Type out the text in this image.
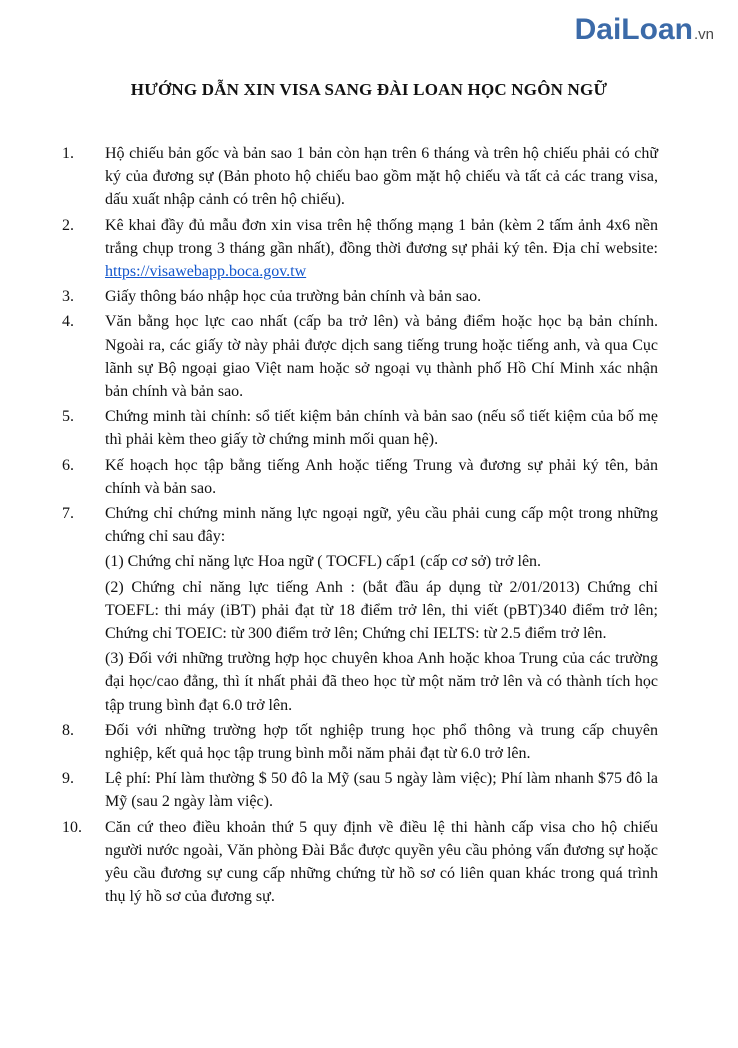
DaiLoan .vn
HƯỚNG DẪN XIN VISA SANG ĐÀI LOAN HỌC NGÔN NGỮ
1.	Hộ chiếu bản gốc và bản sao 1 bản còn hạn trên 6 tháng và trên hộ chiếu phải có chữ ký của đương sự (Bản photo hộ chiếu bao gồm mặt hộ chiếu và tất cả các trang visa, dấu xuất nhập cảnh có trên hộ chiếu).
2.	Kê khai đầy đủ mẫu đơn xin visa trên hệ thống mạng 1 bản (kèm 2 tấm ảnh 4x6 nền trắng chụp trong 3 tháng gần nhất), đồng thời đương sự phải ký tên. Địa chỉ website: https://visawebapp.boca.gov.tw
3.	Giấy thông báo nhập học của trường bản chính và bản sao.
4.	Văn bằng học lực cao nhất (cấp ba trở lên) và bảng điểm hoặc học bạ bản chính. Ngoài ra, các giấy tờ này phải được dịch sang tiếng trung hoặc tiếng anh, và qua Cục lãnh sự Bộ ngoại giao Việt nam hoặc sở ngoại vụ thành phố Hồ Chí Minh xác nhận bản chính và bản sao.
5.	Chứng minh tài chính: sổ tiết kiệm bản chính và bản sao (nếu sổ tiết kiệm của bố mẹ thì phải kèm theo giấy tờ chứng minh mối quan hệ).
6.	Kế hoạch học tập bằng tiếng Anh hoặc tiếng Trung và đương sự phải ký tên, bản chính và bản sao.
7.	Chứng chỉ chứng minh năng lực ngoại ngữ, yêu cầu phải cung cấp một trong những chứng chỉ sau đây:
(1) Chứng chỉ năng lực Hoa ngữ ( TOCFL) cấp1 (cấp cơ sở) trở lên.
(2) Chứng chỉ năng lực tiếng Anh : (bắt đầu áp dụng từ 2/01/2013) Chứng chỉ TOEFL: thi máy (iBT) phải đạt từ 18 điểm trở lên, thi viết (pBT)340 điểm trở lên; Chứng chỉ TOEIC: từ 300 điểm trở lên; Chứng chỉ IELTS: từ 2.5 điểm trở lên.
(3) Đối với những trường hợp học chuyên khoa Anh hoặc khoa Trung của các trường đại học/cao đẳng, thì ít nhất phải đã theo học từ một năm trở lên và có thành tích học tập trung bình đạt 6.0 trở lên.
8.	Đối với những trường hợp tốt nghiệp trung học phổ thông và trung cấp chuyên nghiệp, kết quả học tập trung bình mỗi năm phải đạt từ 6.0 trở lên.
9.	Lệ phí: Phí làm thường $ 50 đô la Mỹ (sau 5 ngày làm việc); Phí làm nhanh $75 đô la Mỹ (sau 2 ngày làm việc).
10.	Căn cứ theo điều khoản thứ 5 quy định về điều lệ thi hành cấp visa cho hộ chiếu người nước ngoài, Văn phòng Đài Bắc được quyền yêu cầu phỏng vấn đương sự hoặc yêu cầu đương sự cung cấp những chứng từ hồ sơ có liên quan khác trong quá trình thụ lý hồ sơ của đương sự.
